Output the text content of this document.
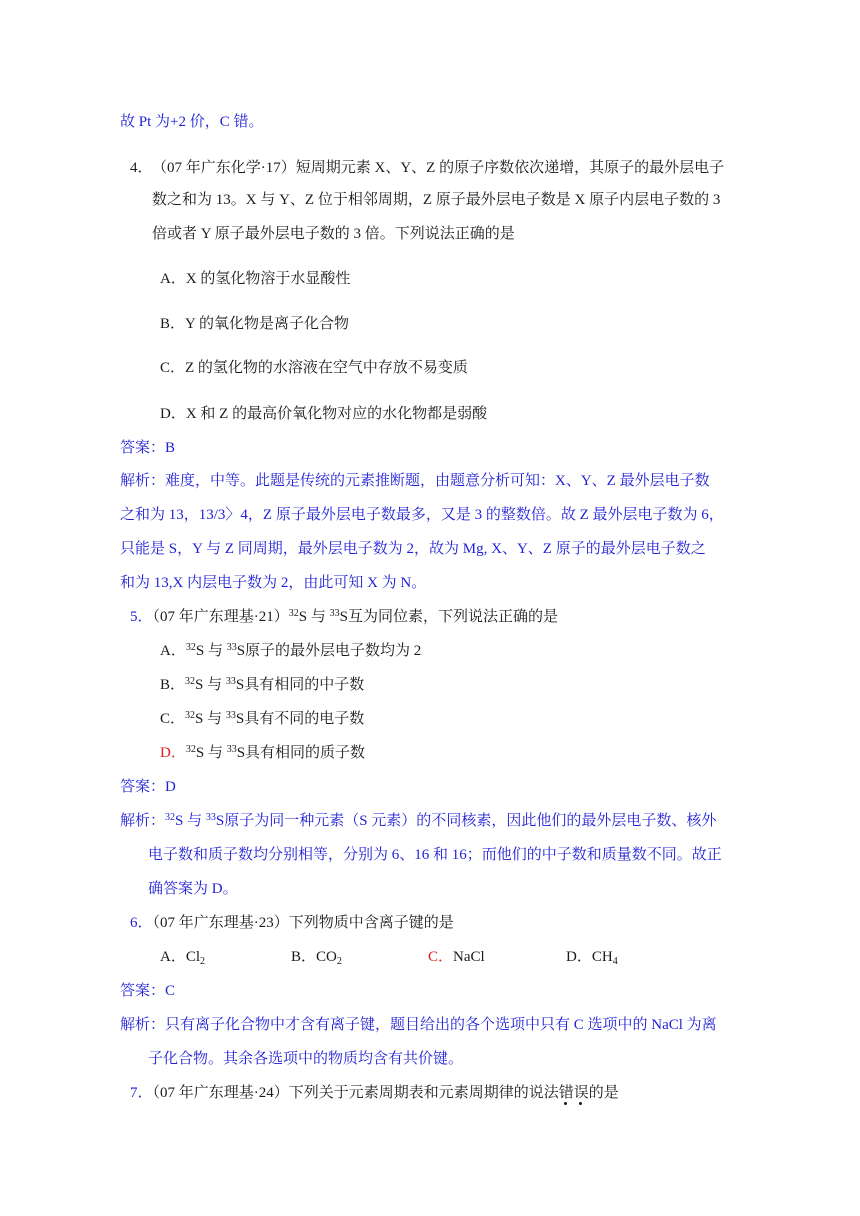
故 Pt 为+2 价，C 错。
4． （07 年广东化学·17）短周期元素 X、Y、Z 的原子序数依次递增，其原子的最外层电子
数之和为 13。X 与 Y、Z 位于相邻周期，Z 原子最外层电子数是 X 原子内层电子数的 3
倍或者 Y 原子最外层电子数的 3 倍。下列说法正确的是
A．X 的氢化物溶于水显酸性
B．Y 的氧化物是离子化合物
C．Z 的氢化物的水溶液在空气中存放不易变质
D．X 和 Z 的最高价氧化物对应的水化物都是弱酸
答案：B
解析：难度，中等。此题是传统的元素推断题，由题意分析可知：X、Y、Z 最外层电子数
之和为 13，13/3〉4，Z 原子最外层电子数最多，又是 3 的整数倍。故 Z 最外层电子数为 6，
只能是 S，Y 与 Z 同周期，最外层电子数为 2，故为 Mg, X、Y、Z 原子的最外层电子数之
和为 13,X 内层电子数为 2，由此可知 X 为 N。
5．（07 年广东理基·21）$^{32}$S 与 $^{33}$S互为同位素，下列说法正确的是
A．$^{32}$S 与 $^{33}$S原子的最外层电子数均为 2
B．$^{32}$S 与 $^{33}$S具有相同的中子数
C．$^{32}$S 与 $^{33}$S具有不同的电子数
D．$^{32}$S 与 $^{33}$S具有相同的质子数
答案：D
解析：$^{32}$S 与 $^{33}$S原子为同一种元素（S 元素）的不同核素，因此他们的最外层电子数、核外
电子数和质子数均分别相等，分别为 6、16 和 16；而他们的中子数和质量数不同。故正
确答案为 D。
6．（07 年广东理基·23）下列物质中含离子键的是
A．$Cl_2$	B．$CO_2$	C．NaCl	D．$CH_4$
答案：C
解析：只有离子化合物中才含有离子键，题目给出的各个选项中只有 C 选项中的 NaCl 为离
子化合物。其余各选项中的物质均含有共价键。
7．（07 年广东理基·24）下列关于元素周期表和元素周期律的说法错误
的是
